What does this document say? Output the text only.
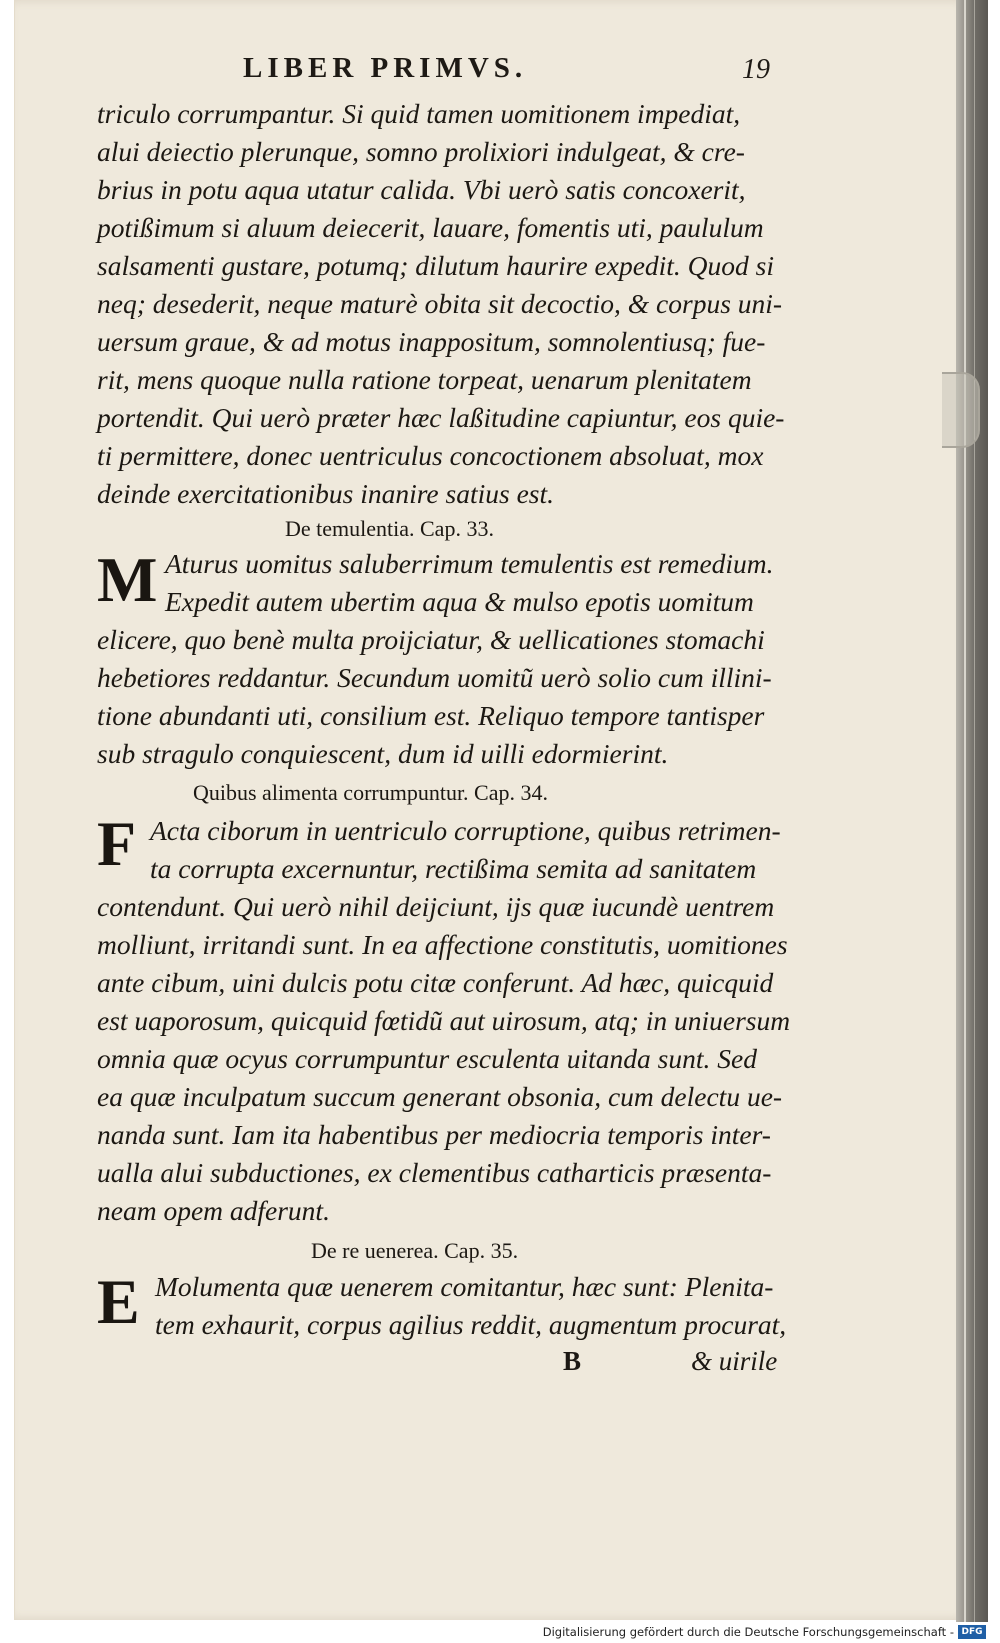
LIBER PRIMVS.	19
triculo corrumpantur. Si quid tamen uomitionem impediat,
alui deiectio plerunque, somno prolixiori indulgeat, & cre-
brius in potu aqua utatur calida. Vbi uerò satis concoxerit,
potißimum si aluum deiecerit, lauare, fomentis uti, paululum
salsamenti gustare, potumq; dilutum haurire expedit. Quod si
neq; desederit, neque maturè obita sit decoctio, & corpus uni-
uersum graue, & ad motus inappositum, somnolentiusq; fue-
rit, mens quoque nulla ratione torpeat, uenarum plenitatem
portendit. Qui uerò præter hæc laßitudine capiuntur, eos quie-
ti permittere, donec uentriculus concoctionem absoluat, mox
deinde exercitationibus inanire satius est.
De temulentia. Cap. 33.
M Aturus uomitus saluberrimum temulentis est remedium.
Expedit autem ubertim aqua & mulso epotis uomitum
elicere, quo benè multa proijciatur, & uellicationes stomachi
hebetiores reddantur. Secundum uomitũ uerò solio cum illini-
tione abundanti uti, consilium est. Reliquo tempore tantisper
sub stragulo conquiescent, dum id uilli edormierint.
Quibus alimenta corrumpuntur. Cap. 34.
F Acta ciborum in uentriculo corruptione, quibus retrimen-
ta corrupta excernuntur, rectißima semita ad sanitatem
contendunt. Qui uerò nihil deijciunt, ijs quæ iucundè uentrem
molliunt, irritandi sunt. In ea affectione constitutis, uomitiones
ante cibum, uini dulcis potu citæ conferunt. Ad hæc, quicquid
est uaporosum, quicquid fœtidũ aut uirosum, atq; in uniuersum
omnia quæ ocyus corrumpuntur esculenta uitanda sunt. Sed
ea quæ inculpatum succum generant obsonia, cum delectu ue-
nanda sunt. Iam ita habentibus per mediocria temporis inter-
ualla alui subductiones, ex clementibus catharticis præsenta-
neam opem adferunt.
De re uenerea. Cap. 35.
E Molumenta quæ uenerem comitantur, hæc sunt: Plenita-
tem exhaurit, corpus agilius reddit, augmentum procurat,
B	& uirile
Digitalisierung gefördert durch die Deutsche Forschungsgemeinschaft - DFG
